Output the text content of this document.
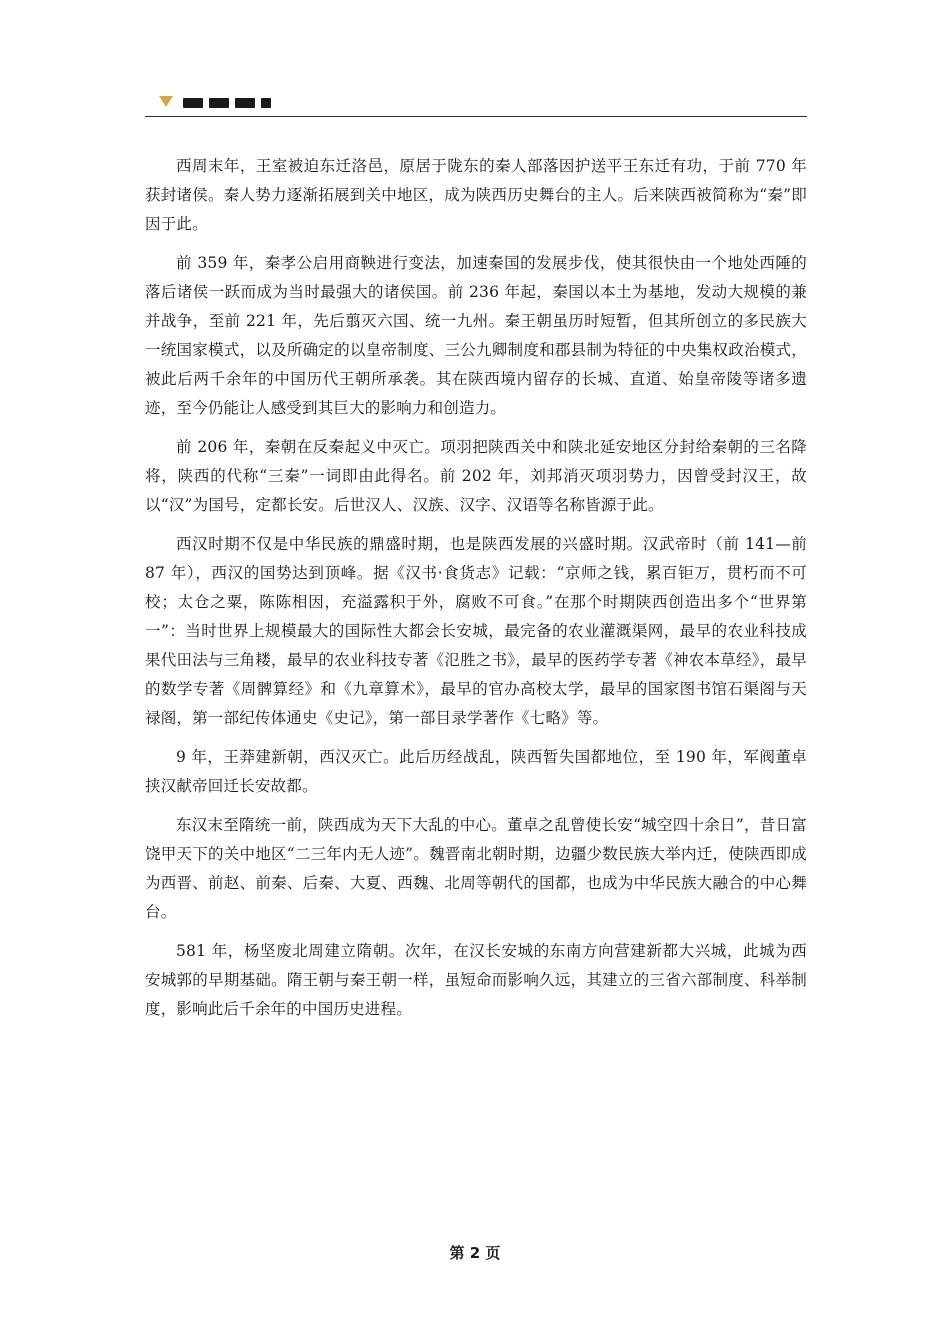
西周末年，王室被迫东迁洛邑，原居于陇东的秦人部落因护送平王东迁有功，于前 770 年获封诸侯。秦人势力逐渐拓展到关中地区，成为陕西历史舞台的主人。后来陕西被简称为“秦”即因于此。

前 359 年，秦孝公启用商鞅进行变法，加速秦国的发展步伐，使其很快由一个地处西陲的落后诸侯一跃而成为当时最强大的诸侯国。前 236 年起，秦国以本土为基地，发动大规模的兼并战争，至前 221 年，先后翦灭六国、统一九州。秦王朝虽历时短暂，但其所创立的多民族大一统国家模式，以及所确定的以皇帝制度、三公九卿制度和郡县制为特征的中央集权政治模式，被此后两千余年的中国历代王朝所承袭。其在陕西境内留存的长城、直道、始皇帝陵等诸多遗迹，至今仍能让人感受到其巨大的影响力和创造力。

前 206 年，秦朝在反秦起义中灭亡。项羽把陕西关中和陕北延安地区分封给秦朝的三名降将，陕西的代称“三秦”一词即由此得名。前 202 年，刘邦消灭项羽势力，因曾受封汉王，故以“汉”为国号，定都长安。后世汉人、汉族、汉字、汉语等名称皆源于此。

西汉时期不仅是中华民族的鼎盛时期，也是陕西发展的兴盛时期。汉武帝时（前 141—前 87 年），西汉的国势达到顶峰。据《汉书·食货志》记载：“京师之钱，累百钜万，贯朽而不可校；太仓之粟，陈陈相因，充溢露积于外，腐败不可食。”在那个时期陕西创造出多个“世界第一”：当时世界上规模最大的国际性大都会长安城，最完备的农业灌溉渠网，最早的农业科技成果代田法与三角耧，最早的农业科技专著《氾胜之书》，最早的医药学专著《神农本草经》，最早的数学专著《周髀算经》和《九章算术》，最早的官办高校太学，最早的国家图书馆石渠阁与天禄阁，第一部纪传体通史《史记》，第一部目录学著作《七略》等。

9 年，王莽建新朝，西汉灭亡。此后历经战乱，陕西暂失国都地位，至 190 年，军阀董卓挟汉献帝回迁长安故都。

东汉末至隋统一前，陕西成为天下大乱的中心。董卓之乱曾使长安“城空四十余日”，昔日富饶甲天下的关中地区“二三年内无人迹”。魏晋南北朝时期，边疆少数民族大举内迁，使陕西即成为西晋、前赵、前秦、后秦、大夏、西魏、北周等朝代的国都，也成为中华民族大融合的中心舞台。

581 年，杨坚废北周建立隋朝。次年，在汉长安城的东南方向营建新都大兴城，此城为西安城郭的早期基础。隋王朝与秦王朝一样，虽短命而影响久远，其建立的三省六部制度、科举制度，影响此后千余年的中国历史进程。

第 2 页
